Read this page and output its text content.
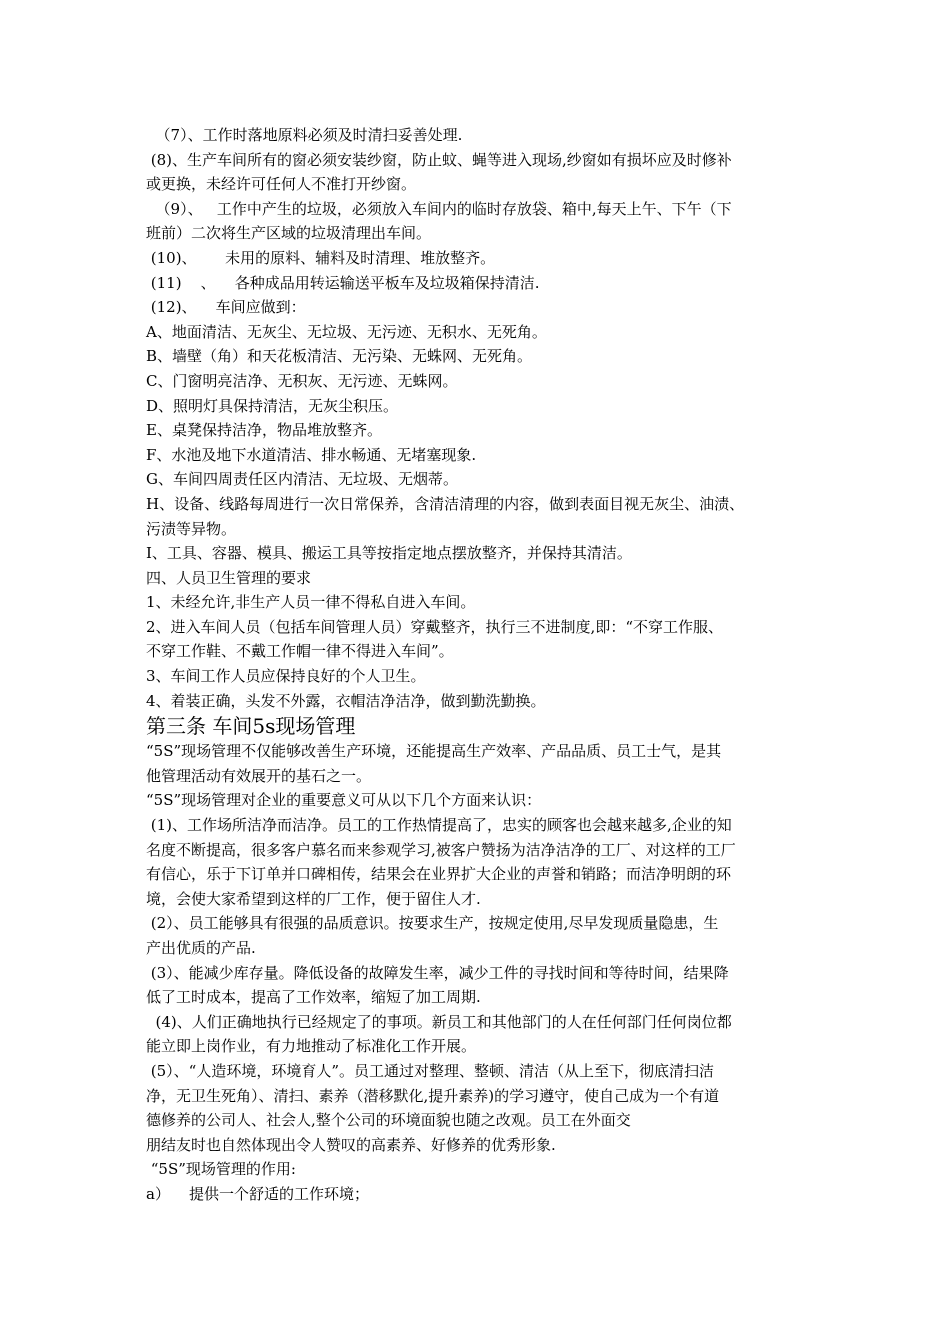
（7）、工作时落地原料必须及时清扫妥善处理.

(8)、生产车间所有的窗必须安装纱窗，防止蚊、蝇等进入现场,纱窗如有损坏应及时修补

或更换，未经许可任何人不准打开纱窗。

（9）、   工作中产生的垃圾，必须放入车间内的临时存放袋、箱中,每天上午、下午（下

班前）二次将生产区域的垃圾清理出车间。

(10)、      未用的原料、辅料及时清理、堆放整齐。

(11)    、    各种成品用转运输送平板车及垃圾箱保持清洁.

(12)、    车间应做到：

A、地面清洁、无灰尘、无垃圾、无污迹、无积水、无死角。

B、墙壁（角）和天花板清洁、无污染、无蛛网、无死角。

C、门窗明亮洁净、无积灰、无污迹、无蛛网。

D、照明灯具保持清洁，无灰尘积压。

E、桌凳保持洁净，物品堆放整齐。

F、水池及地下水道清洁、排水畅通、无堵塞现象.

G、车间四周责任区内清洁、无垃圾、无烟蒂。

H、设备、线路每周进行一次日常保养，含清洁清理的内容，做到表面目视无灰尘、油渍、

污渍等异物。

I、工具、容器、模具、搬运工具等按指定地点摆放整齐，并保持其清洁。

四、人员卫生管理的要求

1、未经允许,非生产人员一律不得私自进入车间。

2、进入车间人员（包括车间管理人员）穿戴整齐，执行三不进制度,即：“不穿工作服、

不穿工作鞋、不戴工作帽一律不得进入车间”。

3、车间工作人员应保持良好的个人卫生。

4、着装正确，头发不外露，衣帽洁净洁净，做到勤洗勤换。

第三条 车间5s现场管理

“5S”现场管理不仅能够改善生产环境，还能提高生产效率、产品品质、员工士气，是其

他管理活动有效展开的基石之一。

“5S”现场管理对企业的重要意义可从以下几个方面来认识：

(1)、工作场所洁净而洁净。员工的工作热情提高了，忠实的顾客也会越来越多,企业的知

名度不断提高，很多客户慕名而来参观学习,被客户赞扬为洁净洁净的工厂、对这样的工厂

有信心，乐于下订单并口碑相传，结果会在业界扩大企业的声誉和销路；而洁净明朗的环

境，会使大家希望到这样的厂工作，便于留住人才.

(2）、员工能够具有很强的品质意识。按要求生产，按规定使用,尽早发现质量隐患，生

产出优质的产品.

(3）、能减少库存量。降低设备的故障发生率，减少工件的寻找时间和等待时间，结果降

低了工时成本，提高了工作效率，缩短了加工周期.

(4)、人们正确地执行已经规定了的事项。新员工和其他部门的人在任何部门任何岗位都

能立即上岗作业，有力地推动了标准化工作开展。

(5）、“人造环境，环境育人”。员工通过对整理、整顿、清洁（从上至下，彻底清扫洁

净，无卫生死角）、清扫、素养（潜移默化,提升素养)的学习遵守，使自己成为一个有道

德修养的公司人、社会人,整个公司的环境面貌也随之改观。员工在外面交

朋结友时也自然体现出令人赞叹的高素养、好修养的优秀形象.

“5S”现场管理的作用:

a）    提供一个舒适的工作环境；
